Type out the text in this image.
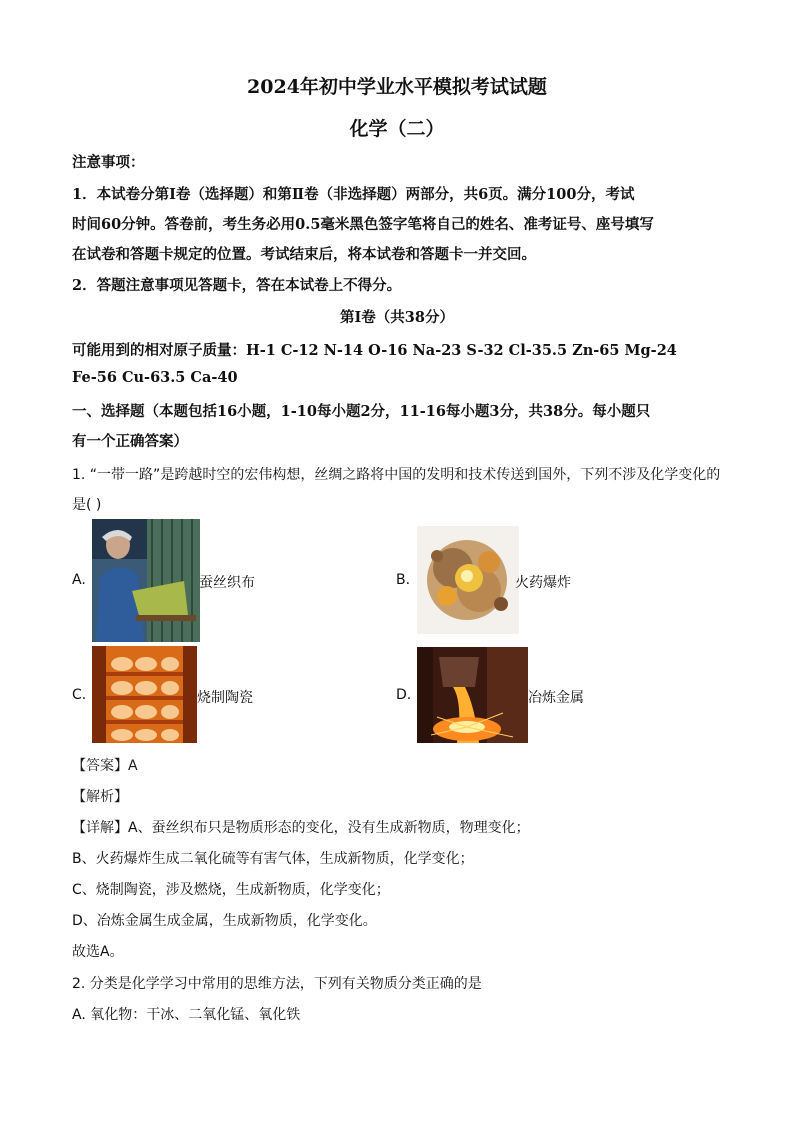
2024年初中学业水平模拟考试试题
化学（二）
注意事项：
1．本试卷分第Ⅰ卷（选择题）和第Ⅱ卷（非选择题）两部分，共6页。满分100分，考试
时间60分钟。答卷前，考生务必用0.5毫米黑色签字笔将自己的姓名、准考证号、座号填写
在试卷和答题卡规定的位置。考试结束后，将本试卷和答题卡一并交回。
2．答题注意事项见答题卡，答在本试卷上不得分。
第Ⅰ卷（共38分）
可能用到的相对原子质量：H-1 C-12 N-14 O-16 Na-23 S-32 Cl-35.5 Zn-65 Mg-24
Fe-56 Cu-63.5 Ca-40
一、选择题（本题包括16小题，1-10每小题2分，11-16每小题3分，共38分。每小题只
有一个正确答案）
1. “一带一路”是跨越时空的宏伟构想，丝绸之路将中国的发明和技术传送到国外，下列不涉及化学变化的
是( )
A.	蚕丝织布	B.	火药爆炸
C.	烧制陶瓷	D.	冶炼金属
【答案】A
【解析】
【详解】A、蚕丝织布只是物质形态的变化，没有生成新物质，物理变化；
B、火药爆炸生成二氧化硫等有害气体，生成新物质，化学变化；
C、烧制陶瓷，涉及燃烧，生成新物质，化学变化；
D、冶炼金属生成金属，生成新物质，化学变化。
故选A。
2. 分类是化学学习中常用的思维方法，下列有关物质分类正确的是
A. 氧化物：干冰、二氧化锰、氧化铁
